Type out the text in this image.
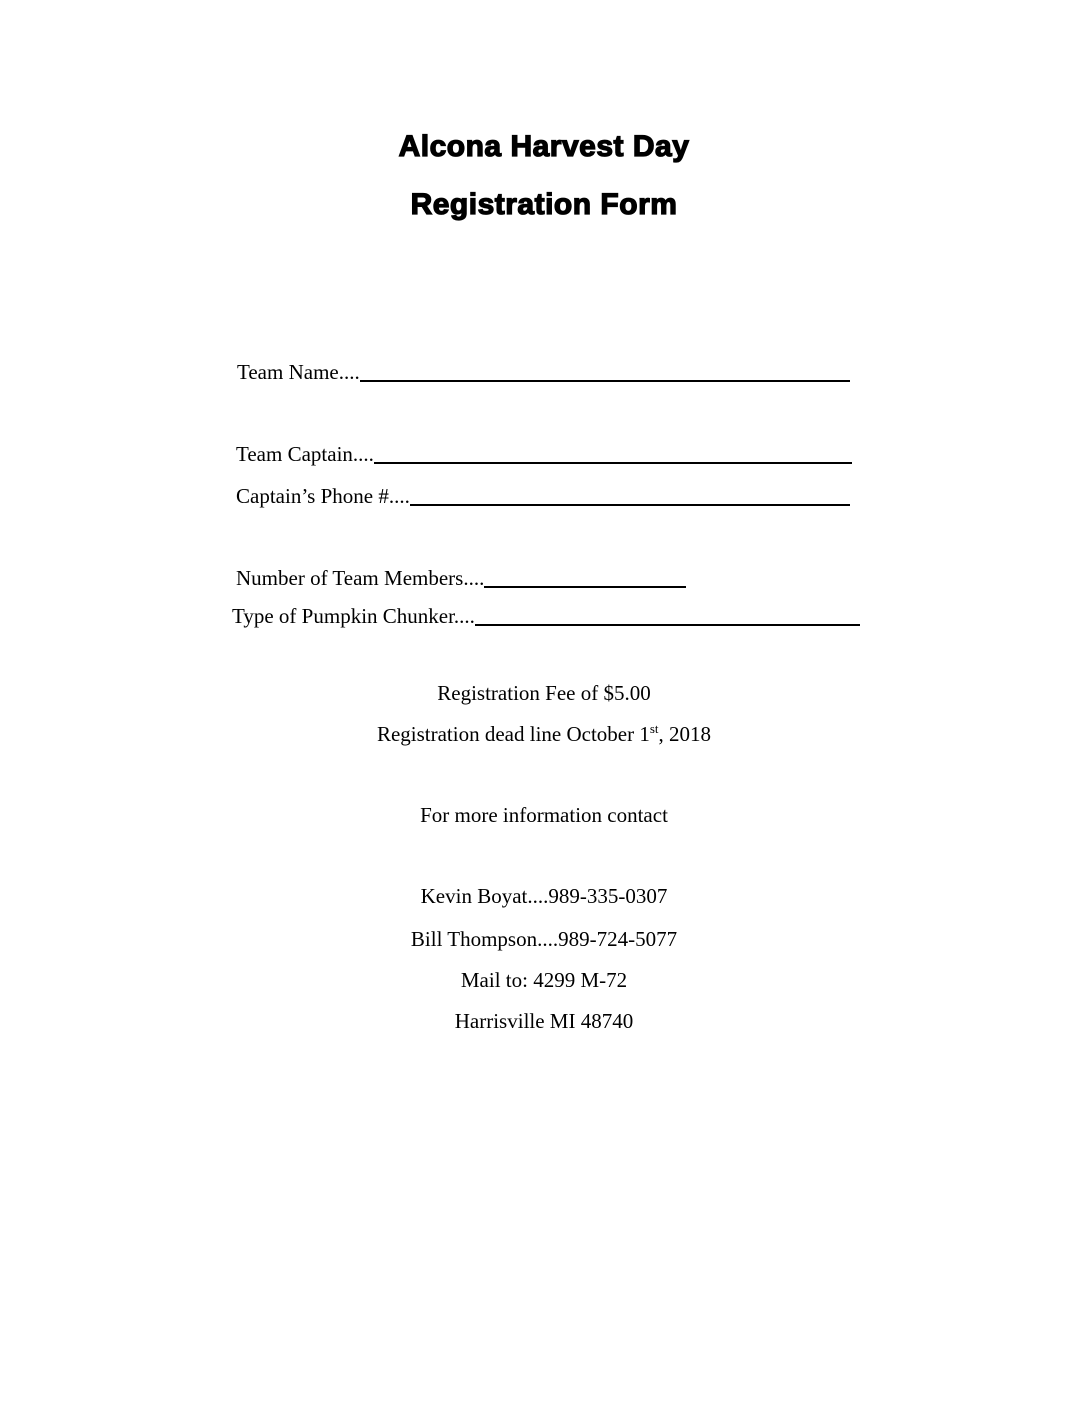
Alcona Harvest Day
Registration Form
Team Name....
Team Captain....
Captain’s Phone #....
Number of Team Members....
Type of Pumpkin Chunker....

Registration Fee of $5.00

Registration dead line October 1st, 2018

For more information contact

Kevin Boyat....989-335-0307

Bill Thompson....989-724-5077

Mail to: 4299 M-72

Harrisville MI 48740
